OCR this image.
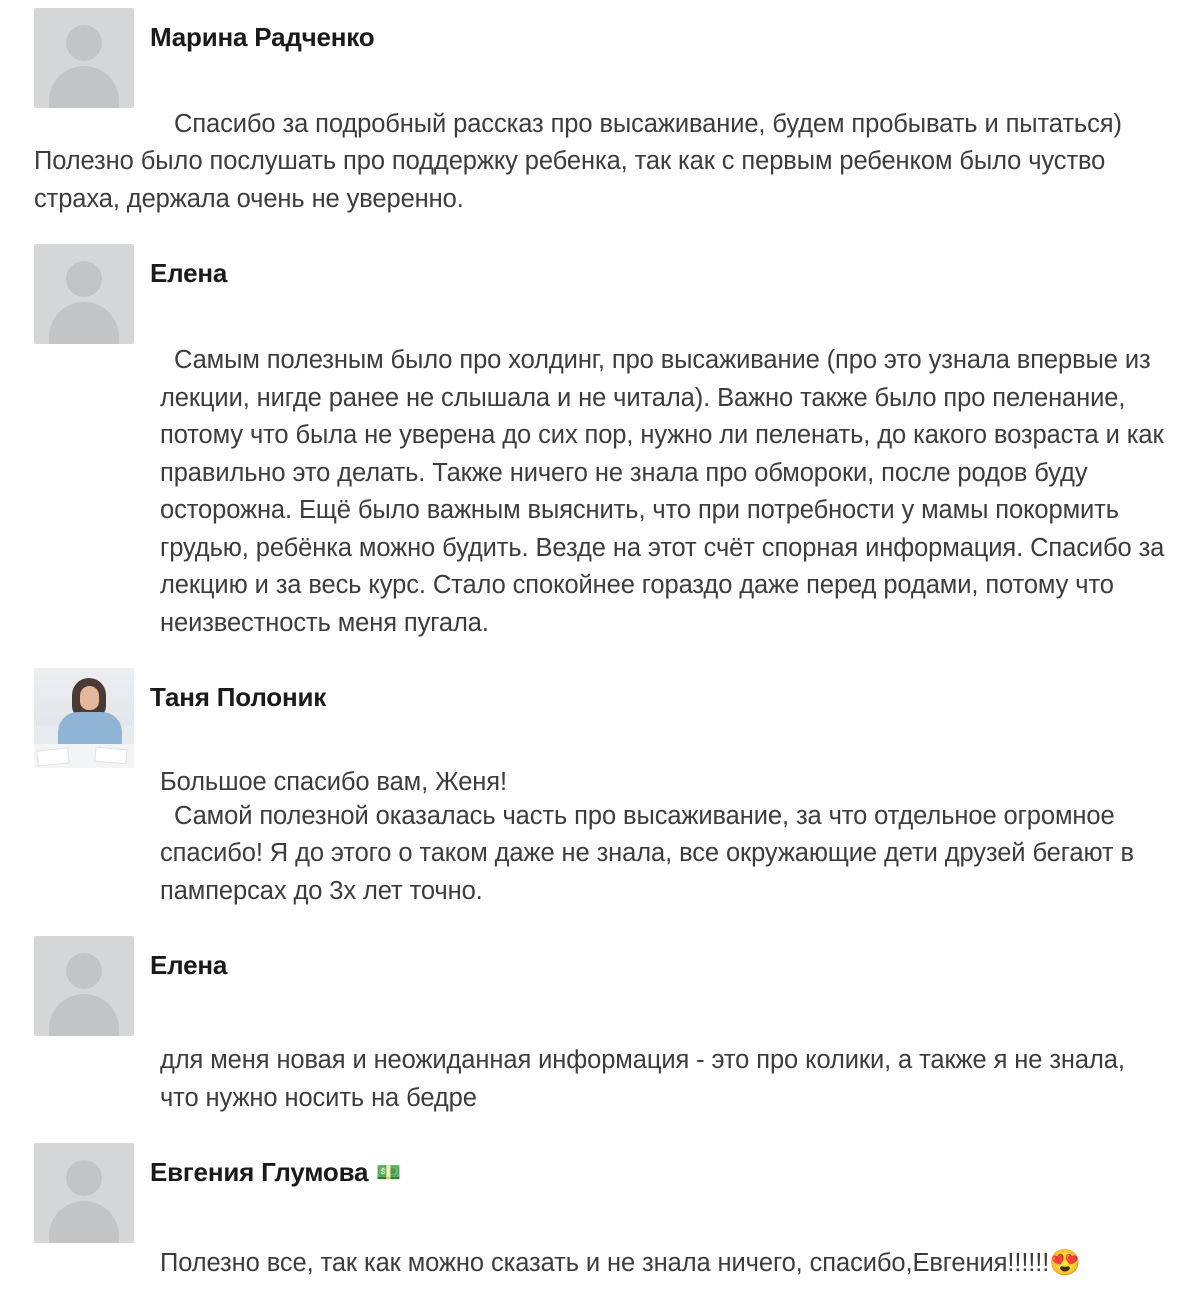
Марина Радченко

Спасибо за подробный рассказ про высаживание, будем пробывать и пытаться)

Полезно было послушать про поддержку ребенка, так как с первым ребенком было чуство страха, держала очень не уверенно.

Елена

Самым полезным было про холдинг, про высаживание (про это узнала впервые из лекции, нигде ранее не слышала и не читала). Важно также было про пеленание, потому что была не уверена до сих пор, нужно ли пеленать, до какого возраста и как правильно это делать. Также ничего не знала про обмороки, после родов буду осторожна. Ещё было важным выяснить, что при потребности у мамы покормить грудью, ребёнка можно будить. Везде на этот счёт спорная информация. Спасибо за лекцию и за весь курс. Стало спокойнее гораздо даже перед родами, потому что неизвестность меня пугала.

Таня Полоник

Большое спасибо вам, Женя!

Самой полезной оказалась часть про высаживание, за что отдельное огромное спасибо! Я до этого о таком даже не знала, все окружающие дети друзей бегают в памперсах до 3х лет точно.

Елена

для меня новая и неожиданная информация - это про колики, а также я не знала, что нужно носить на бедре

Евгения Глумова 💵

Полезно все, так как можно сказать и не знала ничего, спасибо,Евгения!!!!!!😍
